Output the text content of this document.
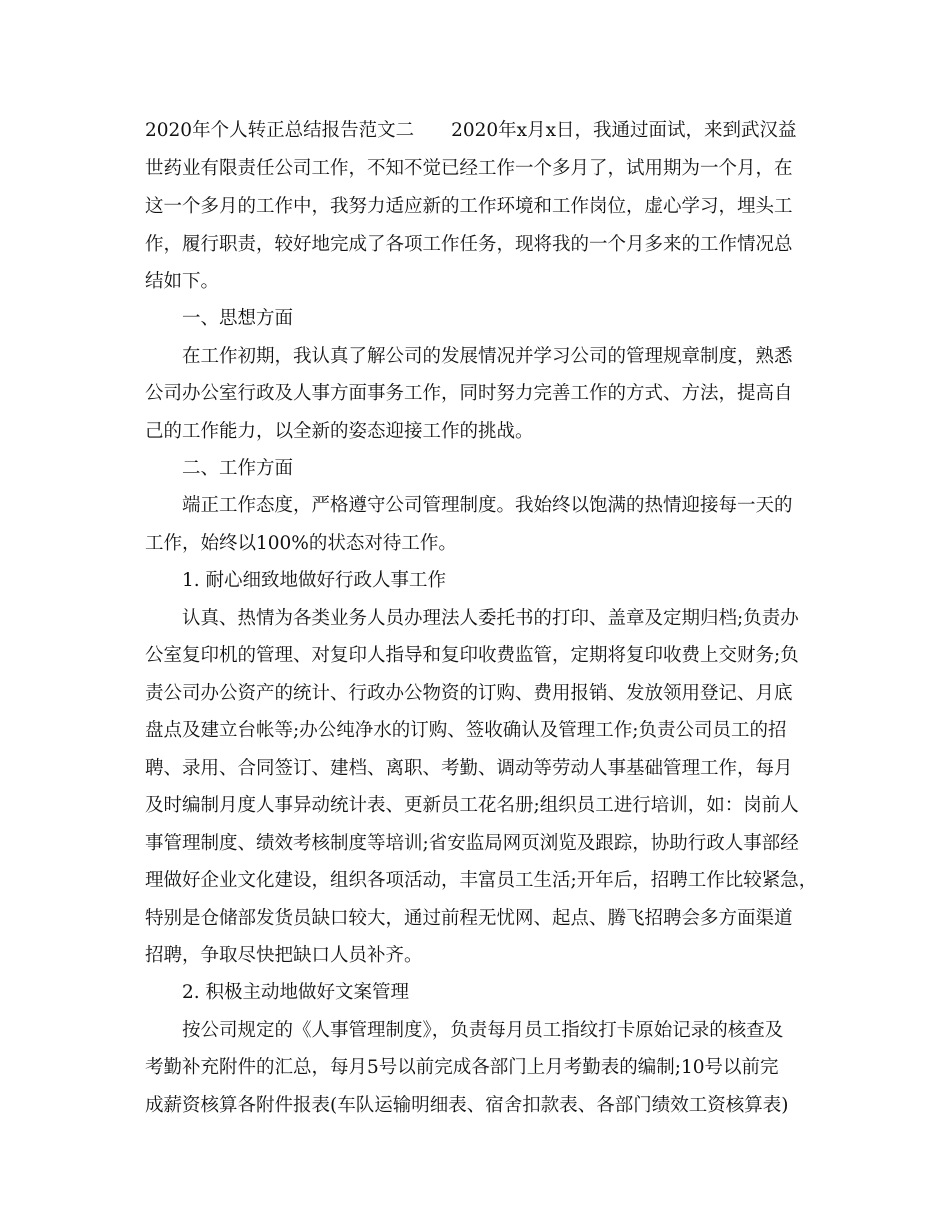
2020年个人转正总结报告范文二　　2020年x月x日，我通过面试，来到武汉益
世药业有限责任公司工作，不知不觉已经工作一个多月了，试用期为一个月，在
这一个多月的工作中，我努力适应新的工作环境和工作岗位，虚心学习，埋头工
作，履行职责，较好地完成了各项工作任务，现将我的一个月多来的工作情况总
结如下。
一、思想方面
在工作初期，我认真了解公司的发展情况并学习公司的管理规章制度，熟悉
公司办公室行政及人事方面事务工作，同时努力完善工作的方式、方法，提高自
己的工作能力，以全新的姿态迎接工作的挑战。
二、工作方面
端正工作态度，严格遵守公司管理制度。我始终以饱满的热情迎接每一天的
工作，始终以100%的状态对待工作。
1. 耐心细致地做好行政人事工作
认真、热情为各类业务人员办理法人委托书的打印、盖章及定期归档;负责办
公室复印机的管理、对复印人指导和复印收费监管，定期将复印收费上交财务;负
责公司办公资产的统计、行政办公物资的订购、费用报销、发放领用登记、月底
盘点及建立台帐等;办公纯净水的订购、签收确认及管理工作;负责公司员工的招
聘、录用、合同签订、建档、离职、考勤、调动等劳动人事基础管理工作，每月
及时编制月度人事异动统计表、更新员工花名册;组织员工进行培训，如：岗前人
事管理制度、绩效考核制度等培训;省安监局网页浏览及跟踪，协助行政人事部经
理做好企业文化建设，组织各项活动，丰富员工生活;开年后，招聘工作比较紧急，
特别是仓储部发货员缺口较大，通过前程无忧网、起点、腾飞招聘会多方面渠道
招聘，争取尽快把缺口人员补齐。
2. 积极主动地做好文案管理
按公司规定的《人事管理制度》，负责每月员工指纹打卡原始记录的核查及
考勤补充附件的汇总，每月5号以前完成各部门上月考勤表的编制;10号以前完
成薪资核算各附件报表(车队运输明细表、宿舍扣款表、各部门绩效工资核算表)
